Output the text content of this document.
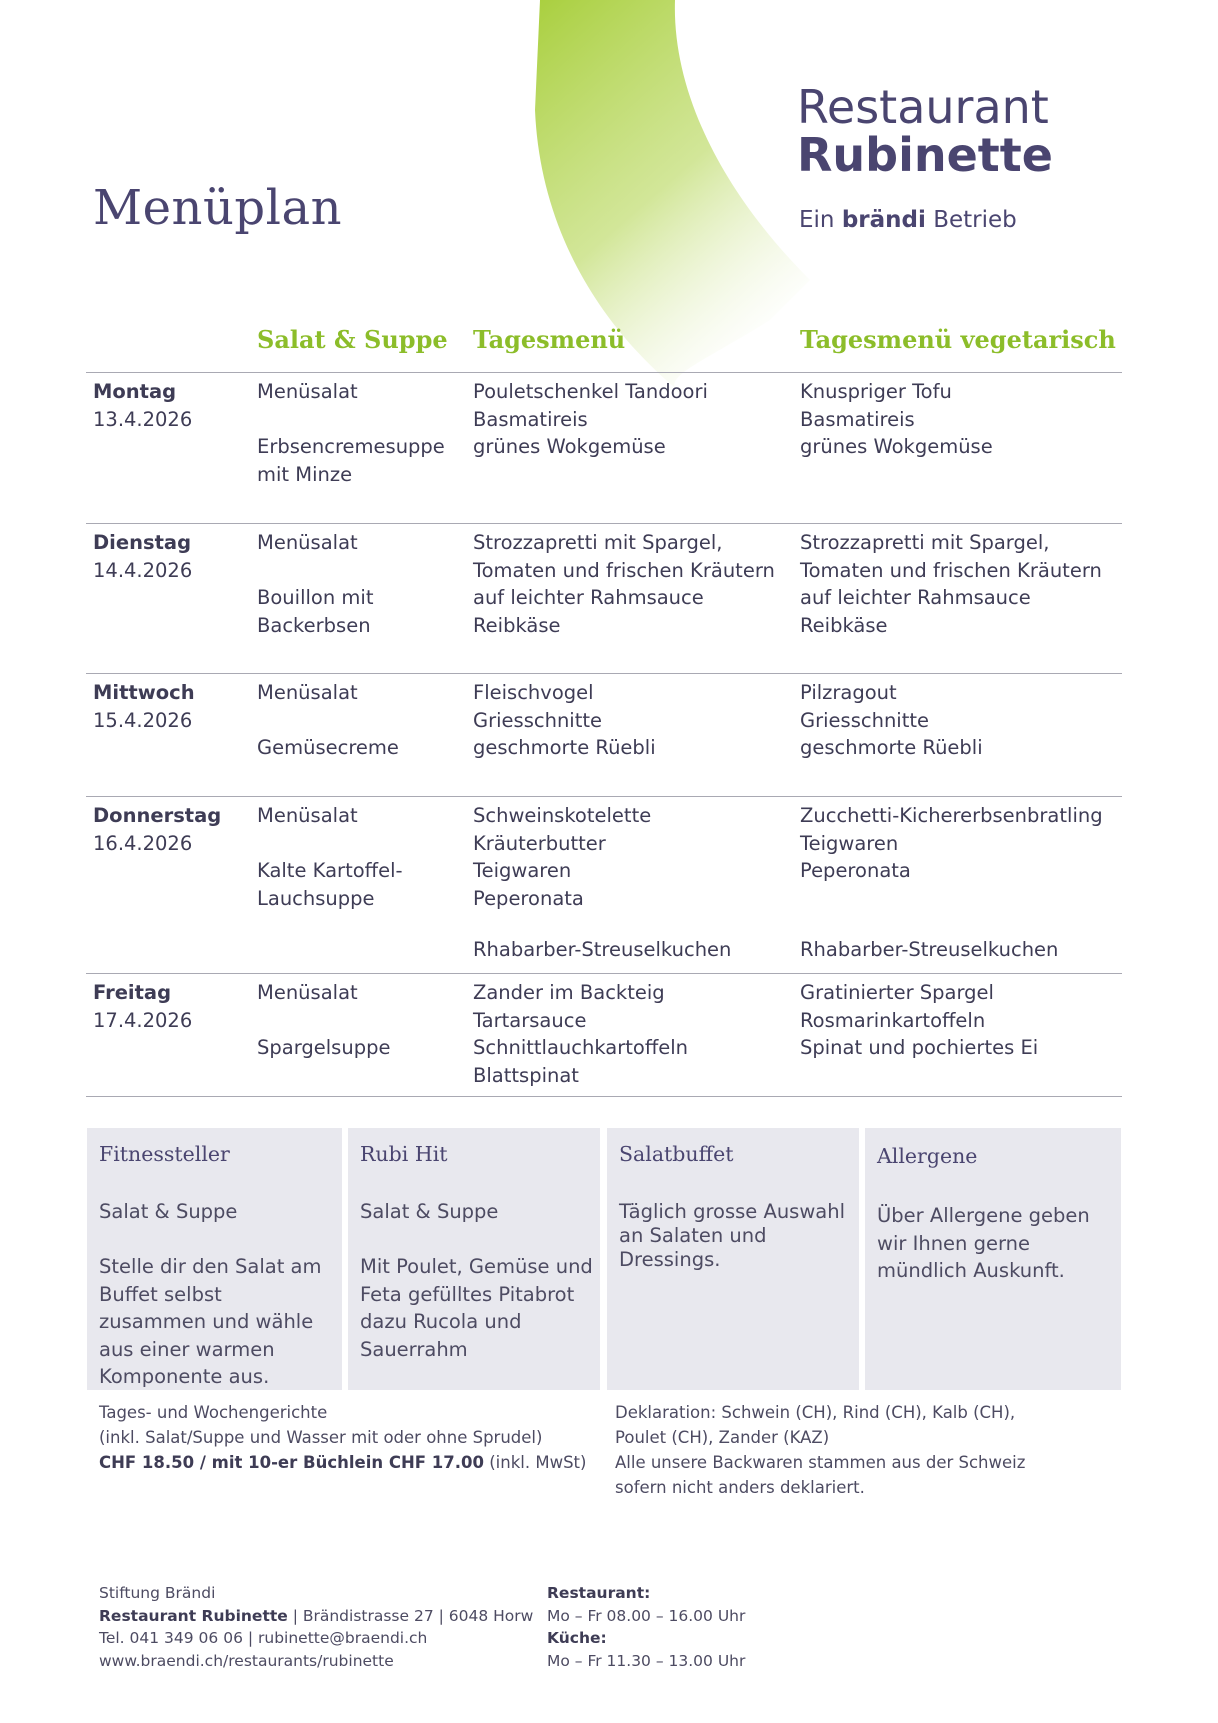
Menüplan
Restaurant
Rubinette
Ein brändi Betrieb
Salat & Suppe Tagesmenü	Tagesmenü vegetarisch
Montag
13.4.2026
Menüsalat
Erbsencremesuppe
mit Minze
Pouletschenkel Tandoori
Basmatireis
grünes Wokgemüse
Knuspriger Tofu
Basmatireis
grünes Wokgemüse
Dienstag
14.4.2026
Menüsalat
Bouillon mit
Backerbsen
Strozzapretti mit Spargel,
Tomaten und frischen Kräutern
auf leichter Rahmsauce
Reibkäse
Strozzapretti mit Spargel,
Tomaten und frischen Kräutern
auf leichter Rahmsauce
Reibkäse
Mittwoch
15.4.2026
Menüsalat
Gemüsecreme
Fleischvogel
Griesschnitte
geschmorte Rüebli
Pilzragout
Griesschnitte
geschmorte Rüebli
Donnerstag
16.4.2026
Menüsalat
Kalte Kartoffel-
Lauchsuppe
Schweinskotelette
Kräuterbutter
Teigwaren
Peperonata
Zucchetti-Kichererbsenbratling
Teigwaren
Peperonata
Rhabarber-Streuselkuchen	Rhabarber-Streuselkuchen
Freitag
17.4.2026
Menüsalat
Spargelsuppe
Zander im Backteig
Tartarsauce
Schnittlauchkartoffeln
Blattspinat
Gratinierter Spargel
Rosmarinkartoffeln
Spinat und pochiertes Ei
Fitnessteller
Salat & Suppe
Stelle dir den Salat am Buffet selbst zusammen und wähle aus einer warmen Komponente aus.
Rubi Hit
Salat & Suppe
Mit Poulet, Gemüse und Feta gefülltes Pitabrot dazu Rucola und Sauerrahm
Salatbuffet
Täglich grosse Auswahl an Salaten und Dressings.
Allergene
Über Allergene geben wir Ihnen gerne mündlich Auskunft.
Tages- und Wochengerichte
(inkl. Salat/Suppe und Wasser mit oder ohne Sprudel)
CHF 18.50 / mit 10-er Büchlein CHF 17.00 (inkl. MwSt)
Deklaration: Schwein (CH), Rind (CH), Kalb (CH),
Poulet (CH), Zander (KAZ)
Alle unsere Backwaren stammen aus der Schweiz
sofern nicht anders deklariert.
Stiftung Brändi
Restaurant Rubinette | Brändistrasse 27 | 6048 Horw
Tel. 041 349 06 06 | rubinette@braendi.ch
www.braendi.ch/restaurants/rubinette
Restaurant:
Mo – Fr 08.00 – 16.00 Uhr
Küche:
Mo – Fr 11.30 – 13.00 Uhr
